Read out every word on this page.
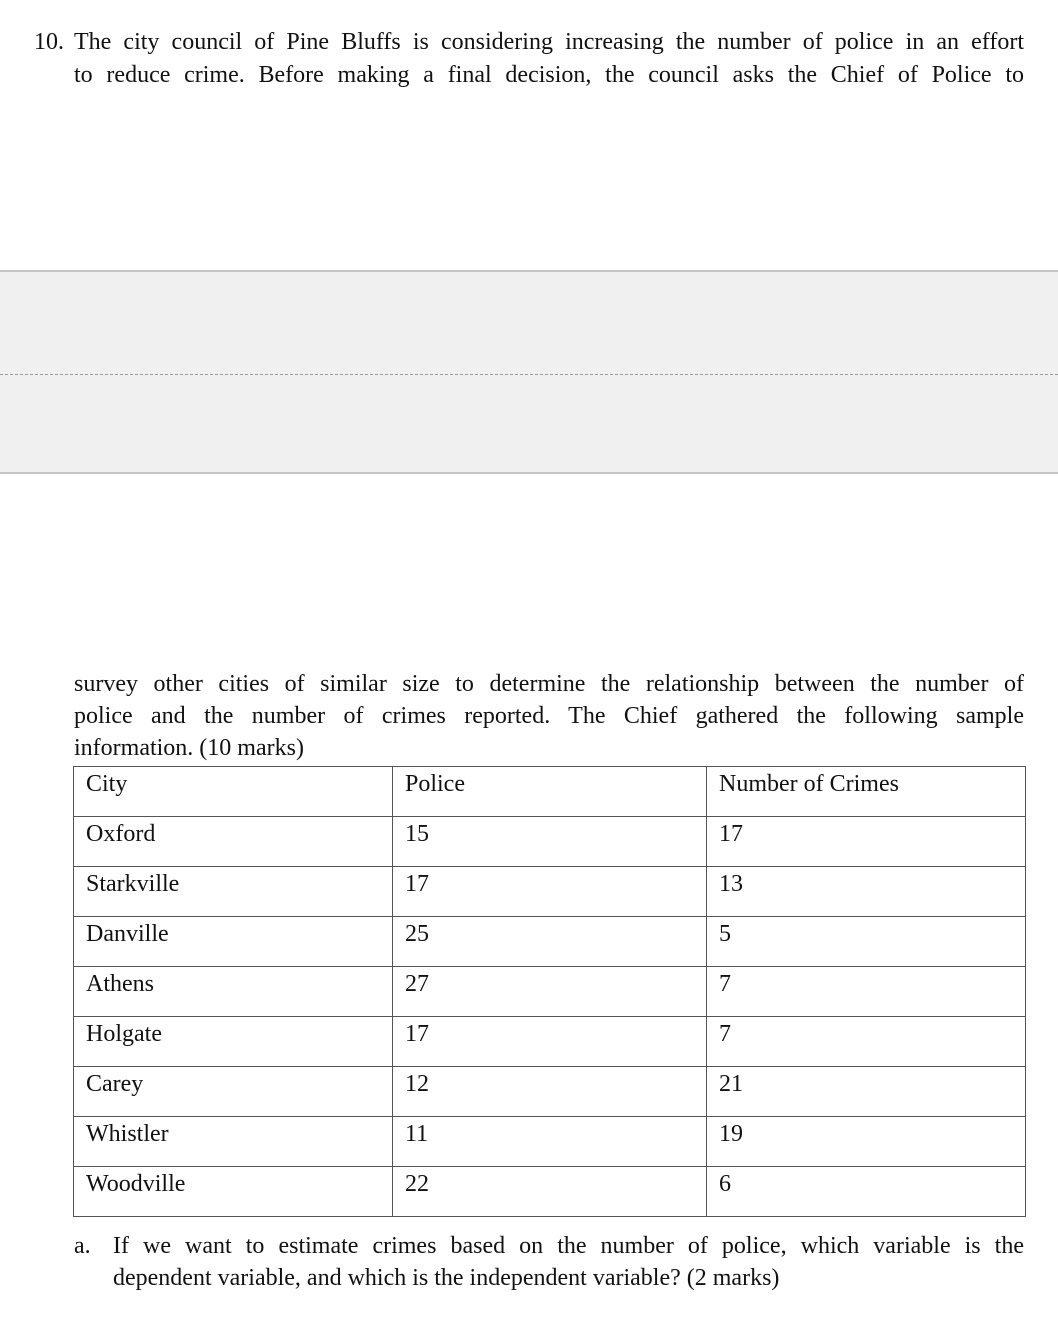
10. The city council of Pine Bluffs is considering increasing the number of police in an effort
to reduce crime. Before making a final decision, the council asks the Chief of Police to
survey other cities of similar size to determine the relationship between the number of
police and the number of crimes reported. The Chief gathered the following sample
information. (10 marks)
City	Police	Number of Crimes

Oxford	15	17

Starkville	17	13

Danville	25	5

Athens	27	7

Holgate	17	7

Carey	12	21

Whistler	11	19

Woodville	22	6
a. If we want to estimate crimes based on the number of police, which variable is the
dependent variable, and which is the independent variable? (2 marks)
